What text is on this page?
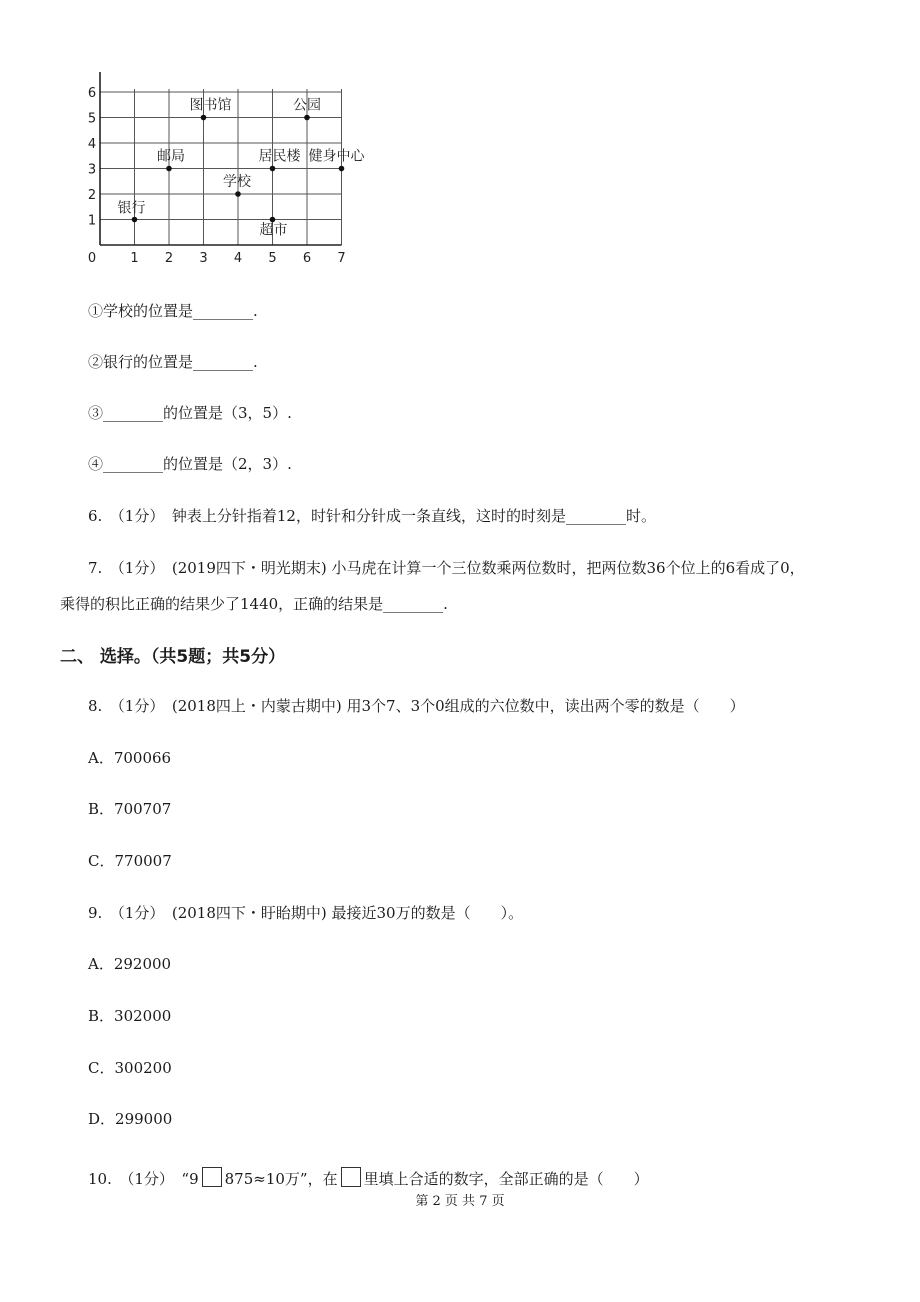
0	1 2 3 4 5 6 7
1
2
3
4
5
6
图书馆	公园
邮局	居民楼 健身中心
学校
银行
超市
①学校的位置是________.
②银行的位置是________.
③________的位置是（3，5）.
④________的位置是（2，3）.
6.　（1分）　钟表上分针指着12，时针和分针成一条直线，这时的时刻是________时。
7.　（1分）　(2019四下・明光期末) 小马虎在计算一个三位数乘两位数时，把两位数36个位上的6看成了0，
乘得的积比正确的结果少了1440，正确的结果是________.
二、 选择。（共5题；共5分）
8.　（1分）　(2018四上・内蒙古期中) 用3个7、3个0组成的六位数中，读出两个零的数是（　　）
A．700066
B．700707
C．770007
9.　（1分）　(2018四下・盱眙期中) 最接近30万的数是（　　）。
A．292000
B．302000
C．300200
D．299000
10.　（1分）　“9 875≈10万”，在 里填上合适的数字，全部正确的是（　　）
第 2 页 共 7 页
